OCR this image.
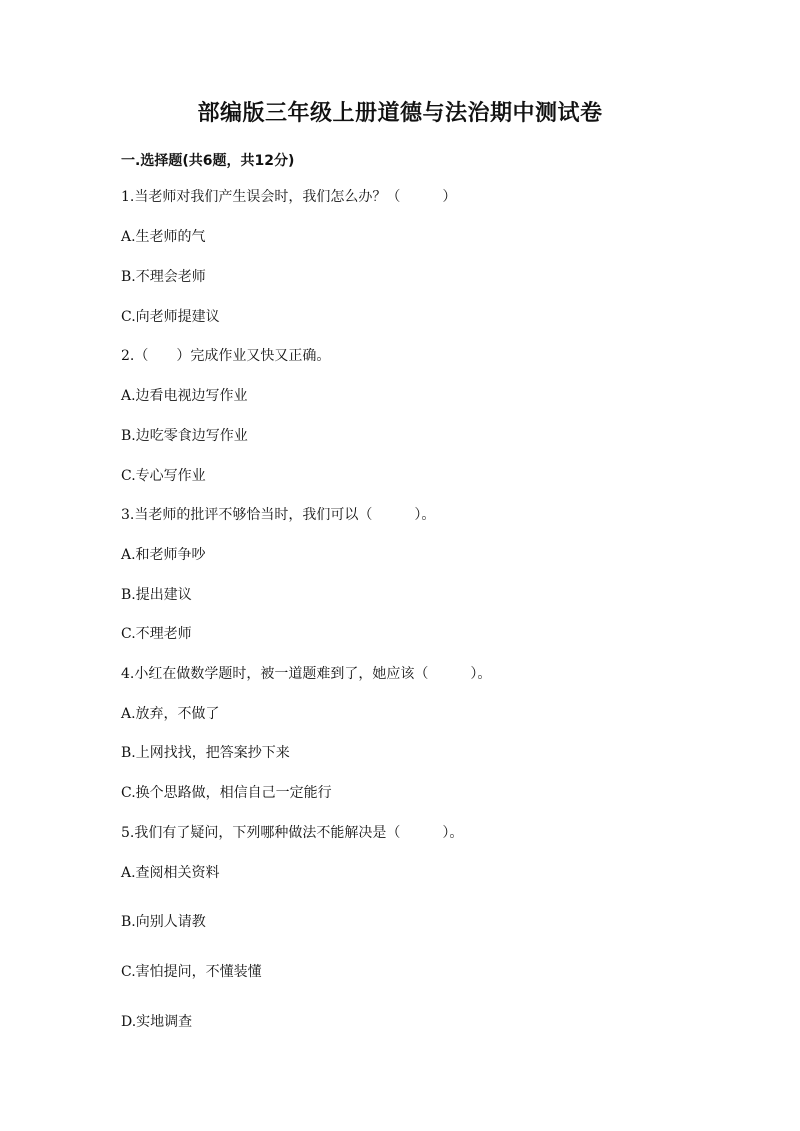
部编版三年级上册道德与法治期中测试卷
一.选择题(共6题，共12分)
1.当老师对我们产生误会时，我们怎么办？（　　　）
A.生老师的气
B.不理会老师
C.向老师提建议
2.（　　）完成作业又快又正确。
A.边看电视边写作业
B.边吃零食边写作业
C.专心写作业
3.当老师的批评不够恰当时，我们可以（　　　）。
A.和老师争吵
B.提出建议
C.不理老师
4.小红在做数学题时，被一道题难到了，她应该（　　　）。
A.放弃，不做了
B.上网找找，把答案抄下来
C.换个思路做，相信自己一定能行
5.我们有了疑问，下列哪种做法不能解决是（　　　）。
A.查阅相关资料
B.向别人请教
C.害怕提问，不懂装懂
D.实地调查
